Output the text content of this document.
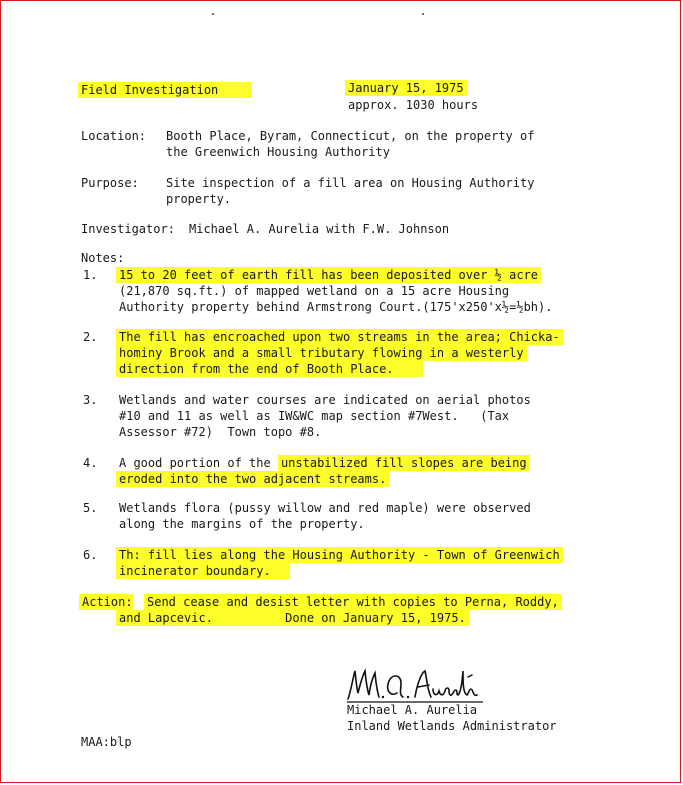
Field Investigation	January 15, 1975
approx. 1030 hours
Location: Booth Place, Byram, Connecticut, on the property of
the Greenwich Housing Authority
Purpose: Site inspection of a fill area on Housing Authority
property.
Investigator: Michael A. Aurelia with F.W. Johnson
Notes:
1. 15 to 20 feet of earth fill has been deposited over ½ acre
(21,870 sq.ft.) of mapped wetland on a 15 acre Housing
Authority property behind Armstrong Court.(175'x250'x½=½bh).
2. The fill has encroached upon two streams in the area; Chicka-
hominy Brook and a small tributary flowing in a westerly
direction from the end of Booth Place.
3. Wetlands and water courses are indicated on aerial photos
#10 and 11 as well as IW&WC map section #7West.   (Tax
Assessor #72)  Town topo #8.
4. A good portion of the unstabilized fill slopes are being
eroded into the two adjacent streams.
5. Wetlands flora (pussy willow and red maple) were observed
along the margins of the property.
6. Th: fill lies along the Housing Authority - Town of Greenwich
incinerator boundary.
Action: Send cease and desist letter with copies to Perna, Roddy,
and Lapcevic.	Done on January 15, 1975.
Michael A. Aurelia
Inland Wetlands Administrator
MAA:blp
